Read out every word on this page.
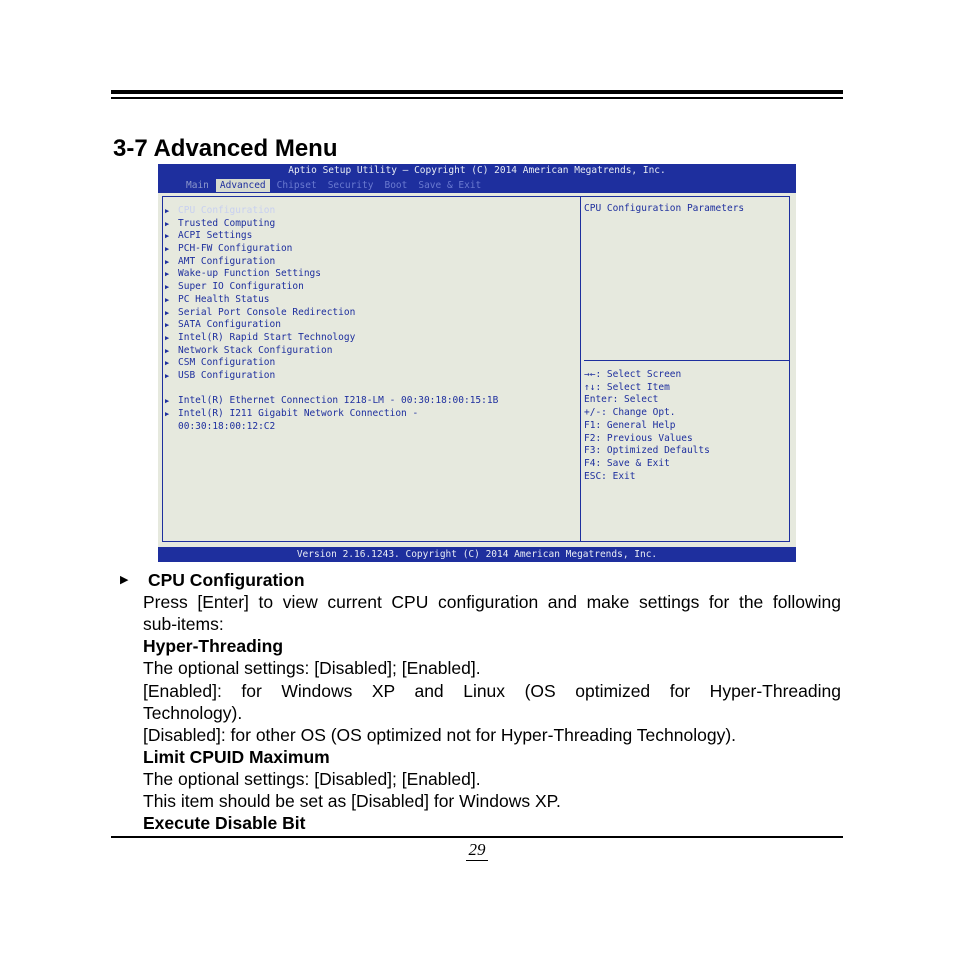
3-7 Advanced Menu
Aptio Setup Utility – Copyright (C) 2014 American Megatrends, Inc.
Main	Advanced	Chipset	Security	Boot	Save & Exit
▶ CPU Configuration
▶ Trusted Computing
▶ ACPI Settings
▶ PCH-FW Configuration
▶ AMT Configuration
▶ Wake-up Function Settings
▶ Super IO Configuration
▶ PC Health Status
▶ Serial Port Console Redirection
▶ SATA Configuration
▶ Intel(R) Rapid Start Technology
▶ Network Stack Configuration
▶ CSM Configuration
▶ USB Configuration
▶ Intel(R) Ethernet Connection I218-LM - 00:30:18:00:15:1B
▶ Intel(R) I211 Gigabit Network Connection -
00:30:18:00:12:C2
CPU Configuration Parameters
→←: Select Screen
↑↓: Select Item
Enter: Select
+/-: Change Opt.
F1: General Help
F2: Previous Values
F3: Optimized Defaults
F4: Save & Exit
ESC: Exit
Version 2.16.1243. Copyright (C) 2014 American Megatrends, Inc.
▶ CPU Configuration
Press [Enter] to view current CPU configuration and make settings for the following
sub-items:
Hyper-Threading
The optional settings: [Disabled]; [Enabled].
[Enabled]: for Windows XP and Linux (OS optimized for Hyper-Threading
Technology).
[Disabled]: for other OS (OS optimized not for Hyper-Threading Technology).
Limit CPUID Maximum
The optional settings: [Disabled]; [Enabled].
This item should be set as [Disabled] for Windows XP.
Execute Disable Bit
29
